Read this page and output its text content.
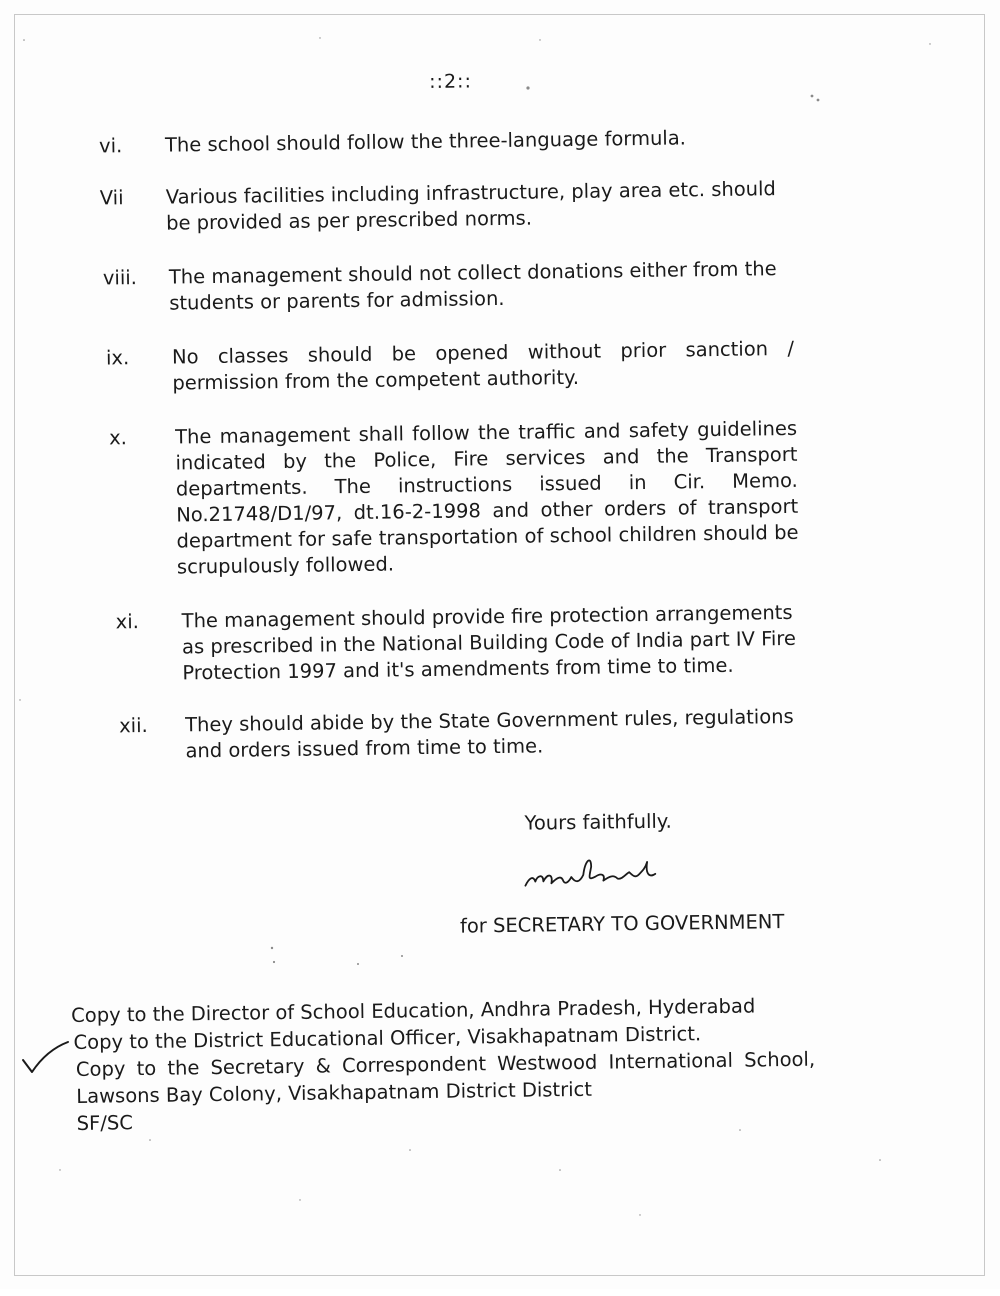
::2::
vi.	The school should follow the three-language formula.
Vii	Various facilities including infrastructure, play area etc. should be provided as per prescribed norms.
viii.	The management should not collect donations either from the students or parents for admission.
ix.	No classes should be opened without prior sanction / permission from the competent authority.
x.	The management shall follow the traffic and safety guidelines indicated by the Police, Fire services and the Transport departments. The instructions issued in Cir. Memo. No.21748/D1/97, dt.16-2-1998 and other orders of transport department for safe transportation of school children should be scrupulously followed.
xi.	The management should provide fire protection arrangements as prescribed in the National Building Code of India part IV Fire Protection 1997 and it's amendments from time to time.
xii.	They should abide by the State Government rules, regulations and orders issued from time to time.
Yours faithfully.
for SECRETARY TO GOVERNMENT
Copy to the Director of School Education, Andhra Pradesh, Hyderabad
Copy to the District Educational Officer, Visakhapatnam District.
Copy to the Secretary & Correspondent Westwood International School,
Lawsons Bay Colony, Visakhapatnam District District
SF/SC
